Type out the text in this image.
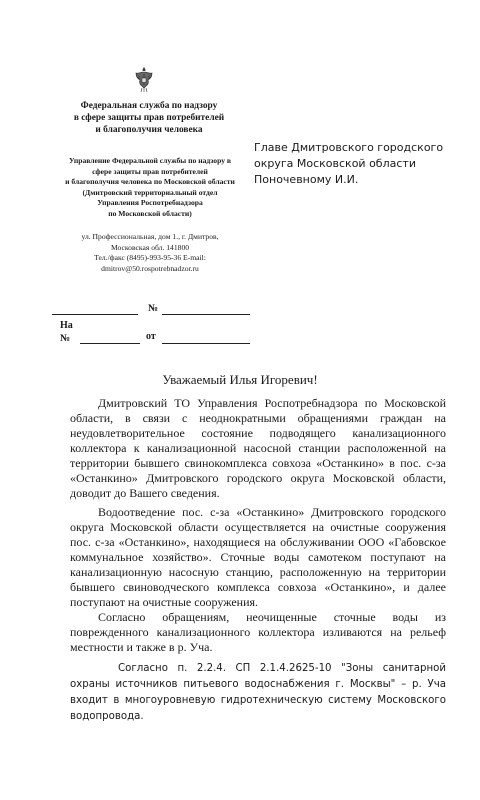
Федеральная служба по надзору
в сфере защиты прав потребителей
и благополучия человека
Управление Федеральной службы по надзору в
сфере защиты прав потребителей
и благополучия человека по Московской области
(Дмитровский территориальный отдел
Управления Роспотребнадзора
по Московской области)
ул. Профессиональная, дом 1., г. Дмитров,
Московская обл. 141800
Тел./факс (8495)-993-95-36 E-mail:
dmitrov@50.rospotrebnadzor.ru
Главе Дмитровского городского
округа Московской области
Поночевному И.И.
№
На
№	от
Уважаемый Илья Игоревич!

Дмитровский ТО Управления Роспотребнадзора по Московской области, в связи с неоднократными обращениями граждан на неудовлетворительное состояние подводящего канализационного коллектора к канализационной насосной станции расположенной на территории бывшего свинокомплекса совхоза «Останкино» в пос. с-за «Останкино» Дмитровского городского округа Московской области, доводит до Вашего сведения.

Водоотведение пос. с-за «Останкино» Дмитровского городского округа Московской области осуществляется на очистные сооружения пос. с-за «Останкино», находящиеся на обслуживании ООО «Габовское коммунальное хозяйство». Сточные воды самотеком поступают на канализационную насосную станцию, расположенную на территории бывшего свиноводческого комплекса совхоза «Останкино», и далее поступают на очистные сооружения.

Согласно обращениям, неочищенные сточные воды из поврежденного канализационного коллектора изливаются на рельеф местности и также в р. Уча.

Согласно п. 2.2.4. СП 2.1.4.2625-10 "Зоны санитарной охраны источников питьевого водоснабжения г. Москвы" – р. Уча входит в многоуровневую гидротехническую систему Московского водопровода.
